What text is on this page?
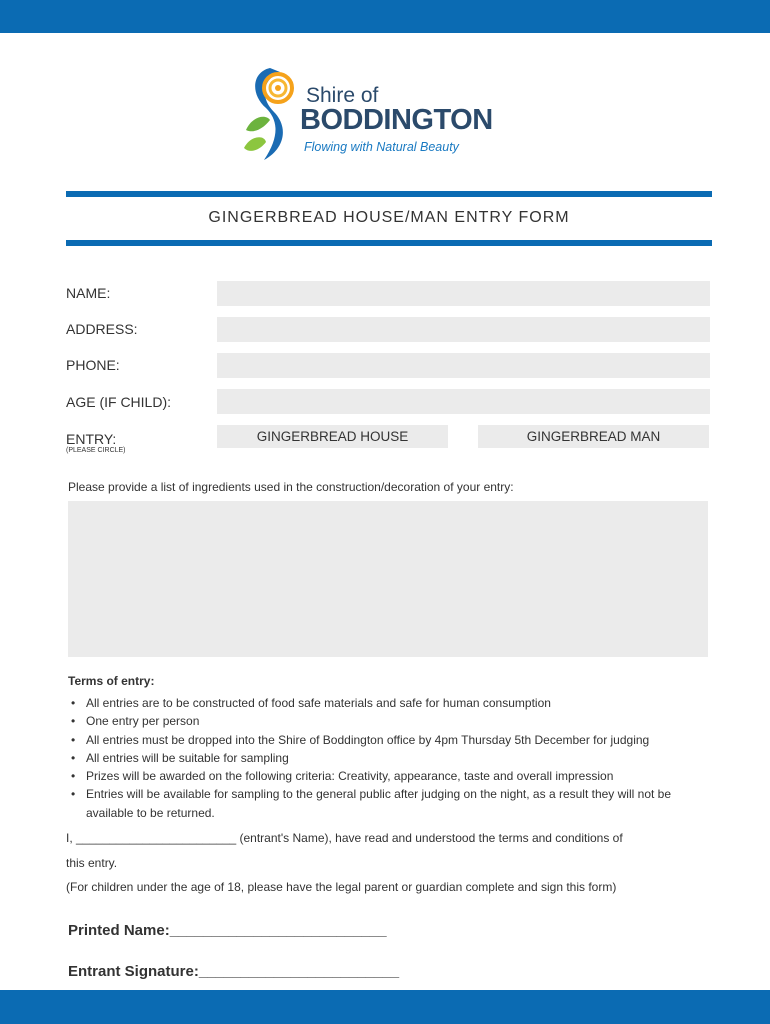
Shire of
BODDINGTON
Flowing with Natural Beauty
GINGERBREAD HOUSE/MAN ENTRY FORM
NAME:
ADDRESS:
PHONE:
AGE (IF CHILD):
ENTRY:
(PLEASE CIRCLE)
GINGERBREAD HOUSE	GINGERBREAD MAN
Please provide a list of ingredients used in the construction/decoration of your entry:
Terms of entry:
• All entries are to be constructed of food safe materials and safe for human consumption
• One entry per person
• All entries must be dropped into the Shire of Boddington office by 4pm Thursday 5th December for judging
• All entries will be suitable for sampling
• Prizes will be awarded on the following criteria: Creativity, appearance, taste and overall impression
• Entries will be available for sampling to the general public after judging on the night, as a result they will not be available to be returned.
I, ________________________ (entrant's Name), have read and understood the terms and conditions of
this entry.
(For children under the age of 18, please have the legal parent or guardian complete and sign this form)
Printed Name:__________________________
Entrant Signature:________________________
